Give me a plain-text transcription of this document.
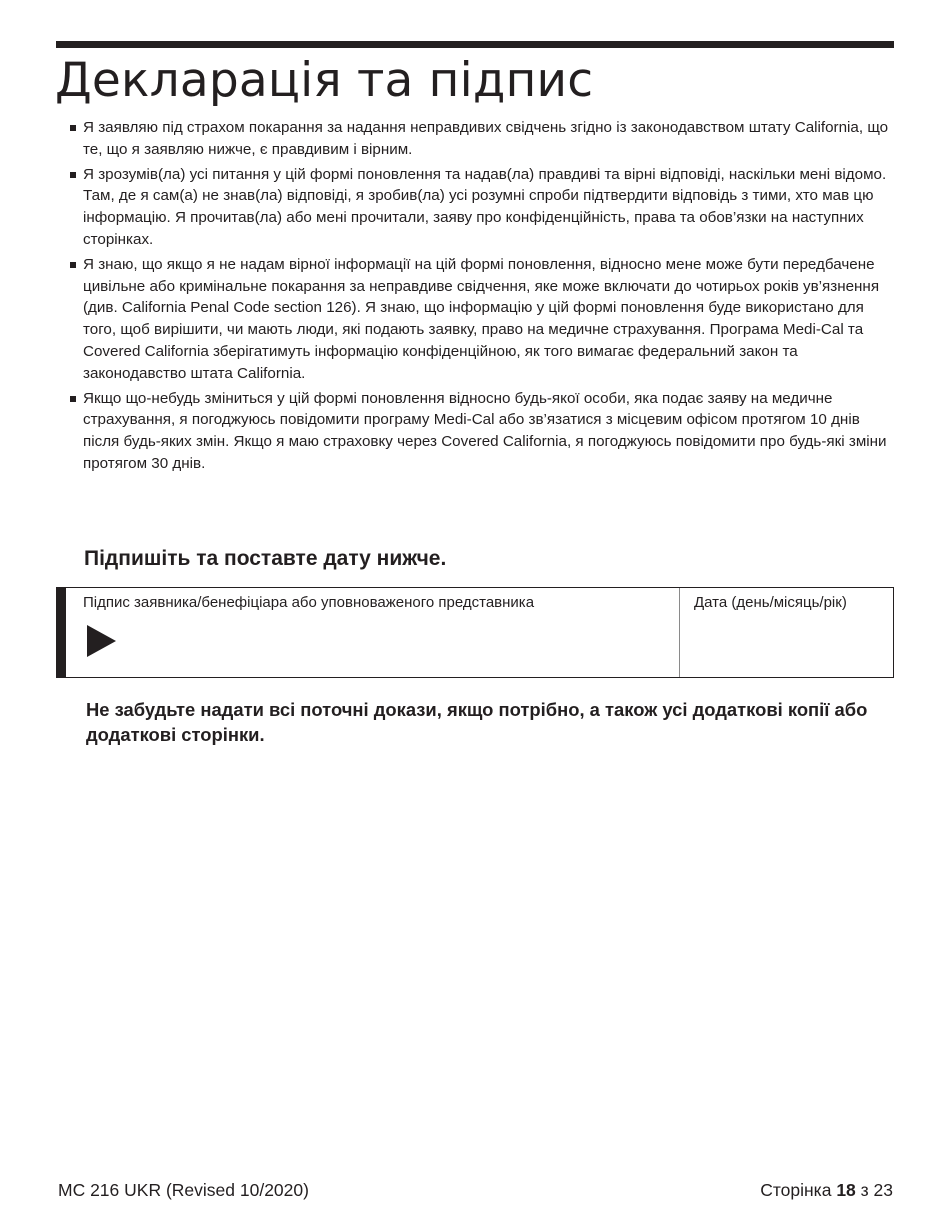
Декларація та підпис
Я заявляю під страхом покарання за надання неправдивих свідчень згідно із законодавством штату California, що те, що я заявляю нижче, є правдивим і вірним.
Я зрозумів(ла) усі питання у цій формі поновлення та надав(ла) правдиві та вірні відповіді, наскільки мені відомо. Там, де я сам(а) не знав(ла) відповіді, я зробив(ла) усі розумні спроби підтвердити відповідь з тими, хто мав цю інформацію. Я прочитав(ла) або мені прочитали, заяву про конфіденційність, права та обов’язки на наступних сторінках.
Я знаю, що якщо я не надам вірної інформації на цій формі поновлення, відносно мене може бути передбачене цивільне або кримінальне покарання за неправдиве свідчення, яке може включати до чотирьох років ув’язнення (див. California Penal Code section 126). Я знаю, що інформацію у цій формі поновлення буде використано для того, щоб вирішити, чи мають люди, які подають заявку, право на медичне страхування. Програма Medi-Cal та Covered California зберігатимуть інформацію конфіденційною, як того вимагає федеральний закон та законодавство штата California.
Якщо що-небудь зміниться у цій формі поновлення відносно будь-якої особи, яка подає заяву на медичне страхування, я погоджуюсь повідомити програму Medi-Cal або зв’язатися з місцевим офісом протягом 10 днів після будь-яких змін. Якщо я маю страховку через Covered California, я погоджуюсь повідомити про будь-які зміни протягом 30 днів.
Підпишіть та поставте дату нижче.
Підпис заявника/бенефіціара або уповноваженого представника	Дата (день/місяць/рік)

Не забудьте надати всі поточні докази, якщо потрібно, а також усі додаткові копії або додаткові сторінки.

MC 216 UKR (Revised 10/2020)	Сторінка 18 з 23
